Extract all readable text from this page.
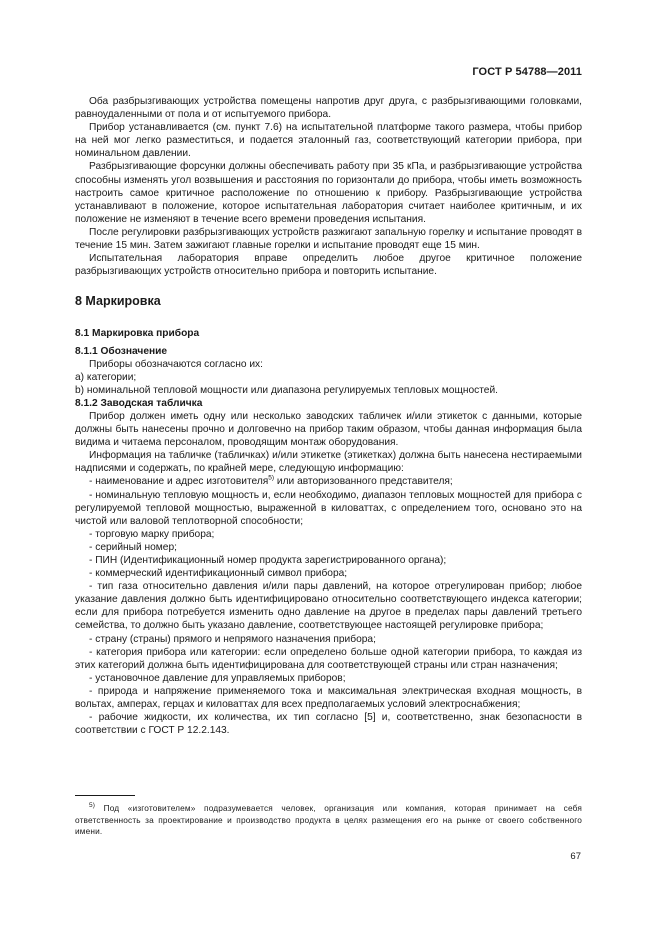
ГОСТ Р 54788—2011

Оба разбрызгивающих устройства помещены напротив друг друга, с разбрызгивающими головками, равноудаленными от пола и от испытуемого прибора.

Прибор устанавливается (см. пункт 7.6) на испытательной платформе такого размера, чтобы прибор на ней мог легко разместиться, и подается эталонный газ, соответствующий категории прибора, при номинальном давлении.

Разбрызгивающие форсунки должны обеспечивать работу при 35 кПа, и разбрызгивающие устройства способны изменять угол возвышения и расстояния по горизонтали до прибора, чтобы иметь возможность настроить самое критичное расположение по отношению к прибору. Разбрызгивающие устройства устанавливают в положение, которое испытательная лаборатория считает наиболее критичным, и их положение не изменяют в течение всего времени проведения испытания.

После регулировки разбрызгивающих устройств разжигают запальную горелку и испытание проводят в течение 15 мин. Затем зажигают главные горелки и испытание проводят еще 15 мин.

Испытательная лаборатория вправе определить любое другое критичное положение разбрызгивающих устройств относительно прибора и повторить испытание.

8 Маркировка
8.1 Маркировка прибора

8.1.1 Обозначение

Приборы обозначаются согласно их:

a) категории;

b) номинальной тепловой мощности или диапазона регулируемых тепловых мощностей.

8.1.2 Заводская табличка

Прибор должен иметь одну или несколько заводских табличек и/или этикеток с данными, которые должны быть нанесены прочно и долговечно на прибор таким образом, чтобы данная информация была видима и читаема персоналом, проводящим монтаж оборудования.

Информация на табличке (табличках) и/или этикетке (этикетках) должна быть нанесена нестираемыми надписями и содержать, по крайней мере, следующую информацию:

- наименование и адрес изготовителя$^{5)}$ или авторизованного представителя;

- номинальную тепловую мощность и, если необходимо, диапазон тепловых мощностей для прибора с регулируемой тепловой мощностью, выраженной в киловаттах, с определением того, основано это на чистой или валовой теплотворной способности;

- торговую марку прибора;

- серийный номер;

- ПИН (Идентификационный номер продукта зарегистрированного органа);

- коммерческий идентификационный символ прибора;

- тип газа относительно давления и/или пары давлений, на которое отрегулирован прибор; любое указание давления должно быть идентифицировано относительно соответствующего индекса категории; если для прибора потребуется изменить одно давление на другое в пределах пары давлений третьего семейства, то должно быть указано давление, соответствующее настоящей регулировке прибора;

- страну (страны) прямого и непрямого назначения прибора;

- категория прибора или категории: если определено больше одной категории прибора, то каждая из этих категорий должна быть идентифицирована для соответствующей страны или стран назначения;

- установочное давление для управляемых приборов;

- природа и напряжение применяемого тока и максимальная электрическая входная мощность, в вольтах, амперах, герцах и киловаттах для всех предполагаемых условий электроснабжения;

- рабочие жидкости, их количества, их тип согласно [5] и, соответственно, знак безопасности в соответствии с ГОСТ Р 12.2.143.

$^{5)}$ Под «изготовителем» подразумевается человек, организация или компания, которая принимает на себя ответственность за проектирование и производство продукта в целях размещения его на рынке от своего собственного имени.
67
